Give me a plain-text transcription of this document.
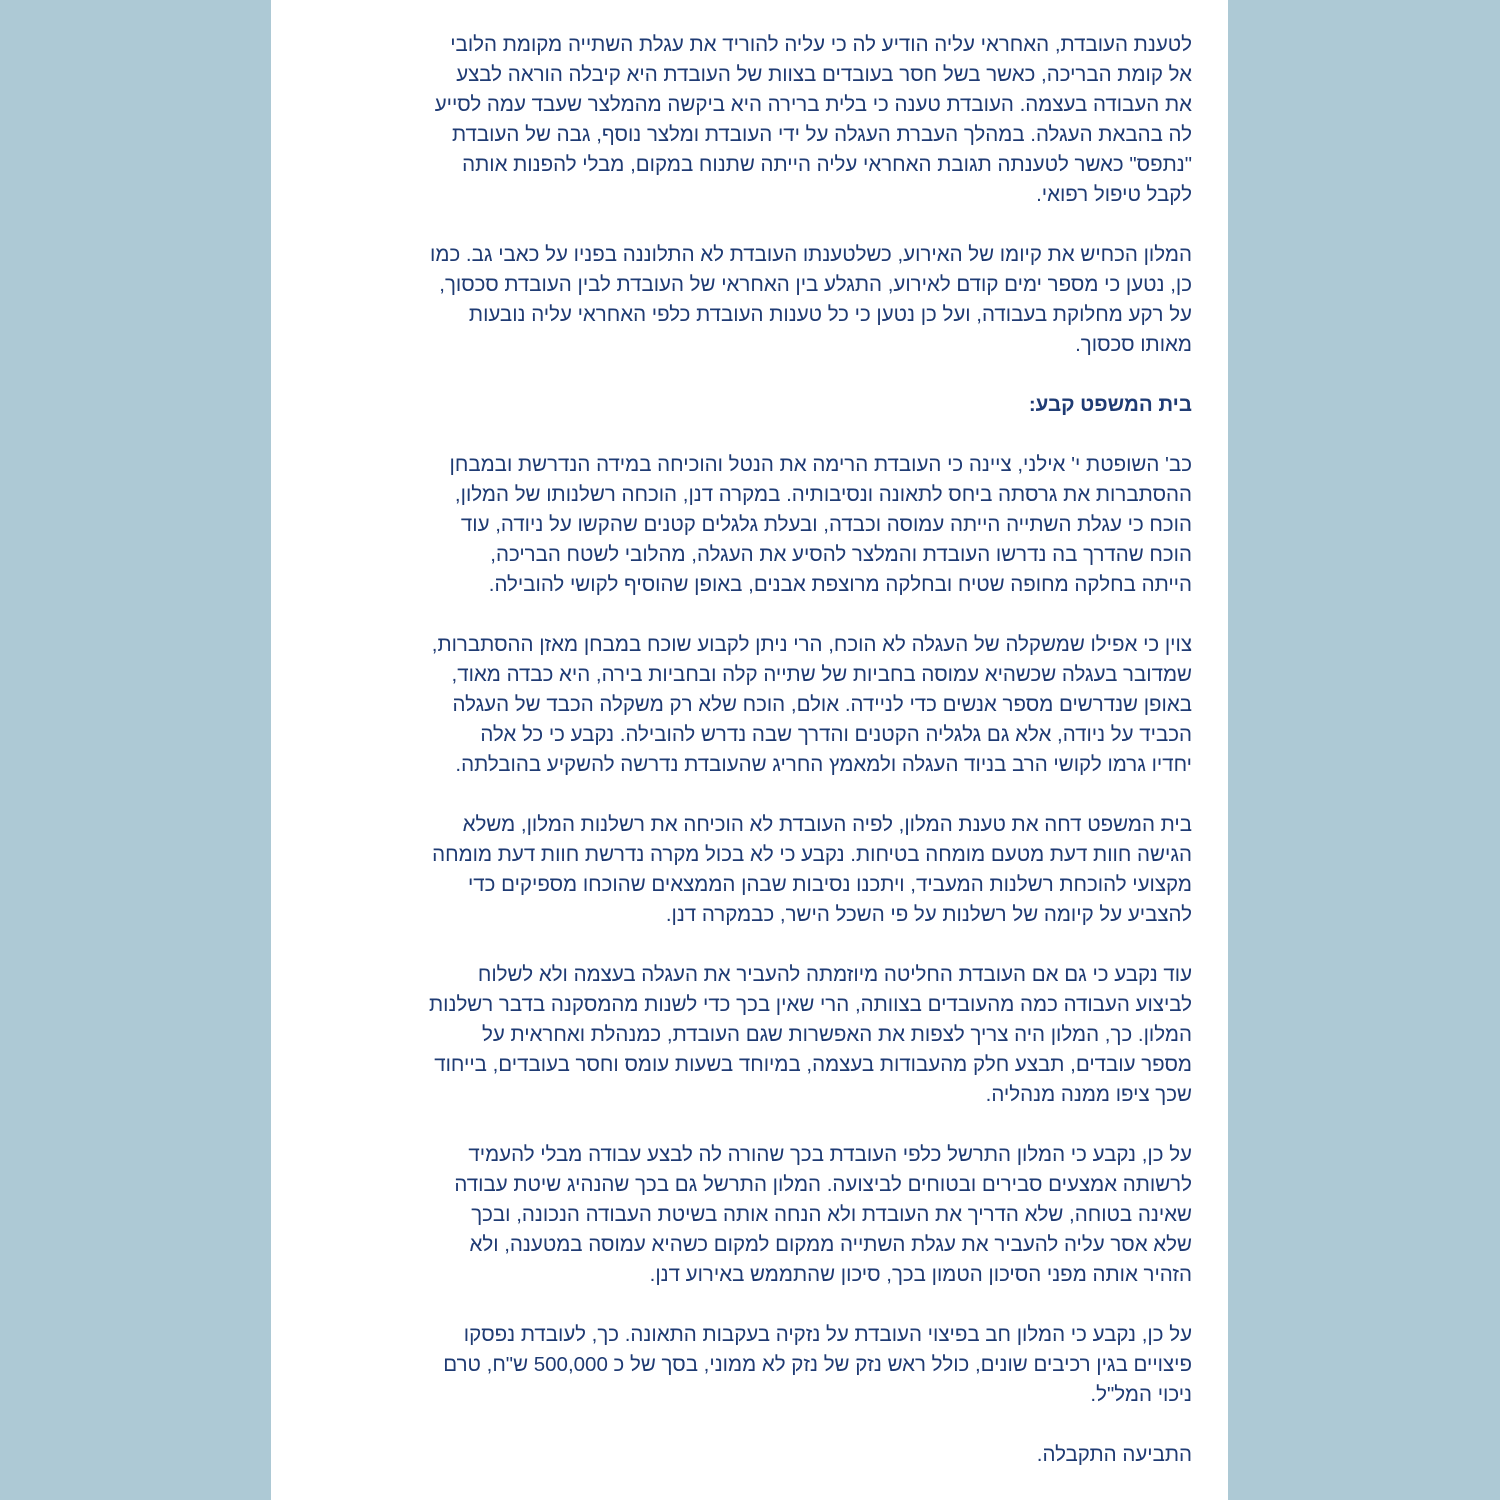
לטענת העובדת, האחראי עליה הודיע לה כי עליה להוריד את עגלת השתייה מקומת הלובי
אל קומת הבריכה, כאשר בשל חסר בעובדים בצוות של העובדת היא קיבלה הוראה לבצע
את העבודה בעצמה. העובדת טענה כי בלית ברירה היא ביקשה מהמלצר שעבד עמה לסייע
לה בהבאת העגלה. במהלך העברת העגלה על ידי העובדת ומלצר נוסף, גבה של העובדת
"נתפס" כאשר לטענתה תגובת האחראי עליה הייתה שתנוח במקום, מבלי להפנות אותה
לקבל טיפול רפואי.

המלון הכחיש את קיומו של האירוע, כשלטענתו העובדת לא התלוננה בפניו על כאבי גב. כמו
כן, נטען כי מספר ימים קודם לאירוע, התגלע בין האחראי של העובדת לבין העובדת סכסוך,
על רקע מחלוקת בעבודה, ועל כן נטען כי כל טענות העובדת כלפי האחראי עליה נובעות
מאותו סכסוך.

בית המשפט קבע:

כב' השופטת י' אילני, ציינה כי העובדת הרימה את הנטל והוכיחה במידה הנדרשת ובמבחן
ההסתברות את גרסתה ביחס לתאונה ונסיבותיה. במקרה דנן, הוכחה רשלנותו של המלון,
הוכח כי עגלת השתייה הייתה עמוסה וכבדה, ובעלת גלגלים קטנים שהקשו על ניודה, עוד
הוכח שהדרך בה נדרשו העובדת והמלצר להסיע את העגלה, מהלובי לשטח הבריכה,
הייתה בחלקה מחופה שטיח ובחלקה מרוצפת אבנים, באופן שהוסיף לקושי להובילה.

צוין כי אפילו שמשקלה של העגלה לא הוכח, הרי ניתן לקבוע שוכח במבחן מאזן ההסתברות,
שמדובר בעגלה שכשהיא עמוסה בחביות של שתייה קלה ובחביות בירה, היא כבדה מאוד,
באופן שנדרשים מספר אנשים כדי לניידה. אולם, הוכח שלא רק משקלה הכבד של העגלה
הכביד על ניודה, אלא גם גלגליה הקטנים והדרך שבה נדרש להובילה. נקבע כי כל אלה
יחדיו גרמו לקושי הרב בניוד העגלה ולמאמץ החריג שהעובדת נדרשה להשקיע בהובלתה.

בית המשפט דחה את טענת המלון, לפיה העובדת לא הוכיחה את רשלנות המלון, משלא
הגישה חוות דעת מטעם מומחה בטיחות. נקבע כי לא בכול מקרה נדרשת חוות דעת מומחה
מקצועי להוכחת רשלנות המעביד, ויתכנו נסיבות שבהן הממצאים שהוכחו מספיקים כדי
להצביע על קיומה של רשלנות על פי השכל הישר, כבמקרה דנן.

עוד נקבע כי גם אם העובדת החליטה מיוזמתה להעביר את העגלה בעצמה ולא לשלוח
לביצוע העבודה כמה מהעובדים בצוותה, הרי שאין בכך כדי לשנות מהמסקנה בדבר רשלנות
המלון. כך, המלון היה צריך לצפות את האפשרות שגם העובדת, כמנהלת ואחראית על
מספר עובדים, תבצע חלק מהעבודות בעצמה, במיוחד בשעות עומס וחסר בעובדים, בייחוד
שכך ציפו ממנה מנהליה.

על כן, נקבע כי המלון התרשל כלפי העובדת בכך שהורה לה לבצע עבודה מבלי להעמיד
לרשותה אמצעים סבירים ובטוחים לביצועה. המלון התרשל גם בכך שהנהיג שיטת עבודה
שאינה בטוחה, שלא הדריך את העובדת ולא הנחה אותה בשיטת העבודה הנכונה, ובכך
שלא אסר עליה להעביר את עגלת השתייה ממקום למקום כשהיא עמוסה במטענה, ולא
הזהיר אותה מפני הסיכון הטמון בכך, סיכון שהתממש באירוע דנן.

על כן, נקבע כי המלון חב בפיצוי העובדת על נזקיה בעקבות התאונה. כך, לעובדת נפסקו
פיצויים בגין רכיבים שונים, כולל ראש נזק של נזק לא ממוני, בסך של כ 500,000 ש"ח, טרם
ניכוי המל"ל.

התביעה התקבלה.
